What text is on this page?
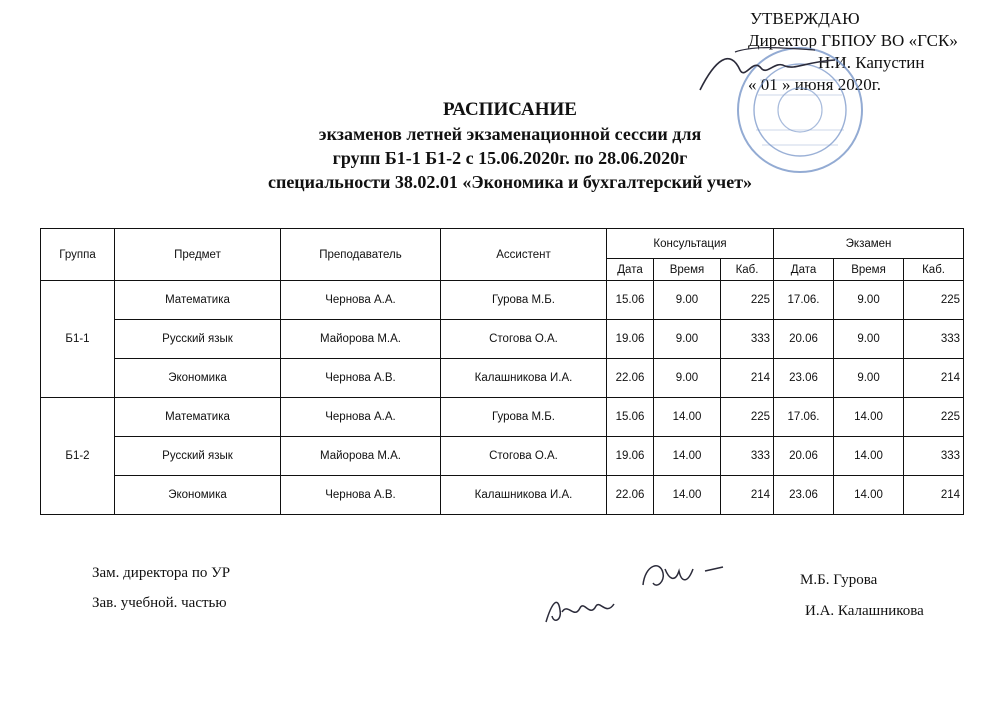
УТВЕРЖДАЮ
Директор ГБПОУ ВО «ГСК»
Н.И. Капустин
« 01 » июня 2020г.
РАСПИСАНИЕ
экзаменов летней экзаменационной сессии для
групп Б1-1 Б1-2 с 15.06.2020г. по 28.06.2020г
специальности 38.02.01 «Экономика и бухгалтерский учет»
Группа	Предмет	Преподаватель	Ассистент	Консультация			Экзамен		
				Дата	Время	Каб.	Дата	Время	Каб.
Б1-1	Математика	Чернова А.А.	Гурова М.Б.	15.06	9.00	225	17.06.	9.00	225
	Русский язык	Майорова М.А.	Стогова О.А.	19.06	9.00	333	20.06	9.00	333
	Экономика	Чернова А.В.	Калашникова И.А.	22.06	9.00	214	23.06	9.00	214
Б1-2	Математика	Чернова А.А.	Гурова М.Б.	15.06	14.00	225	17.06.	14.00	225
	Русский язык	Майорова М.А.	Стогова О.А.	19.06	14.00	333	20.06	14.00	333
	Экономика	Чернова А.В.	Калашникова И.А.	22.06	14.00	214	23.06	14.00	214
Зам. директора по УР	М.Б. Гурова
Зав. учебной. частью	И.А. Калашникова
